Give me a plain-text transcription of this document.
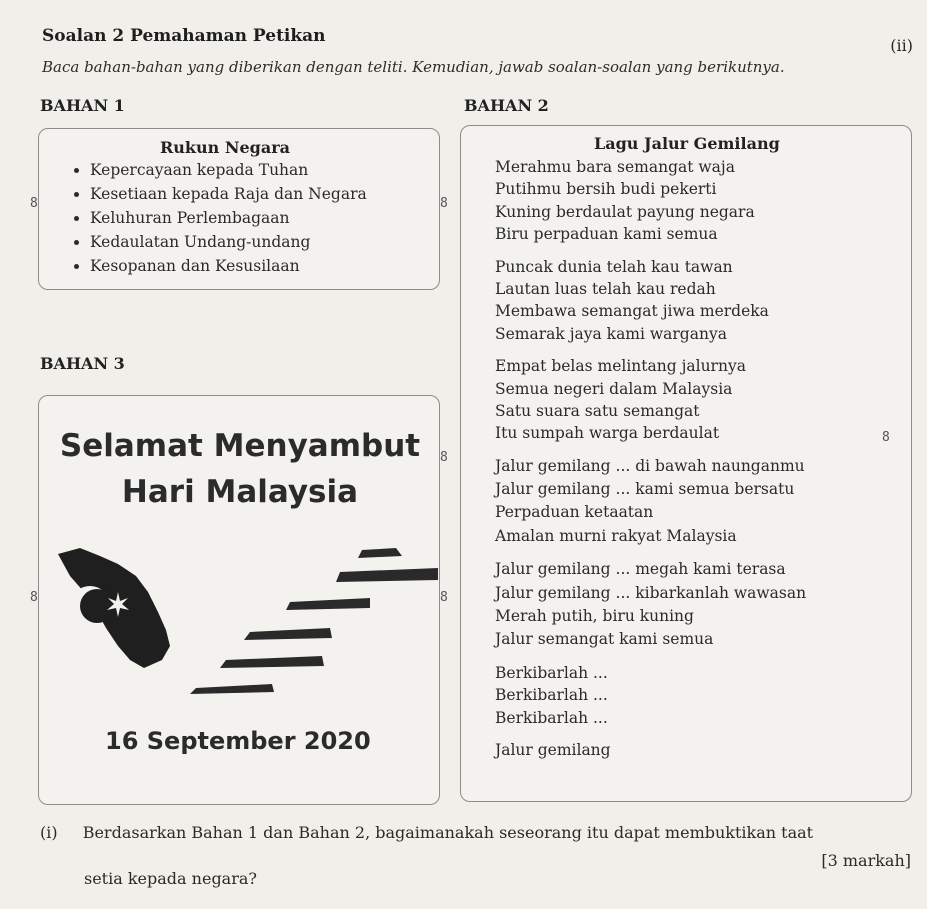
Soalan 2 Pemahaman Petikan	(ii)
Baca bahan-bahan yang diberikan dengan teliti. Kemudian, jawab soalan-soalan yang berikutnya.
BAHAN 1	BAHAN 2
Rukun Negara
• Kepercayaan kepada Tuhan
• Kesetiaan kepada Raja dan Negara
• Keluhuran Perlembagaan
• Kedaulatan Undang-undang
• Kesopanan dan Kesusilaan
Lagu Jalur Gemilang
Merahmu bara semangat waja
Putihmu bersih budi pekerti
Kuning berdaulat payung negara
Biru perpaduan kami semua
Puncak dunia telah kau tawan
Lautan luas telah kau redah
Membawa semangat jiwa merdeka
Semarak jaya kami warganya
Empat belas melintang jalurnya
Semua negeri dalam Malaysia
Satu suara satu semangat
Itu sumpah warga berdaulat
Jalur gemilang ... di bawah naunganmu
Jalur gemilang ... kami semua bersatu
Perpaduan ketaatan
Amalan murni rakyat Malaysia
Jalur gemilang ... megah kami terasa
Jalur gemilang ... kibarkanlah wawasan
Merah putih, biru kuning
Jalur semangat kami semua
Berkibarlah ...
Berkibarlah ...
Berkibarlah ...
Jalur gemilang
BAHAN 3
Selamat Menyambut
Hari Malaysia
16 September 2020
8	8
8
8
8	8
(i) Berdasarkan Bahan 1 dan Bahan 2, bagaimanakah seseorang itu dapat membuktikan taat
setia kepada negara?
[3 markah]
